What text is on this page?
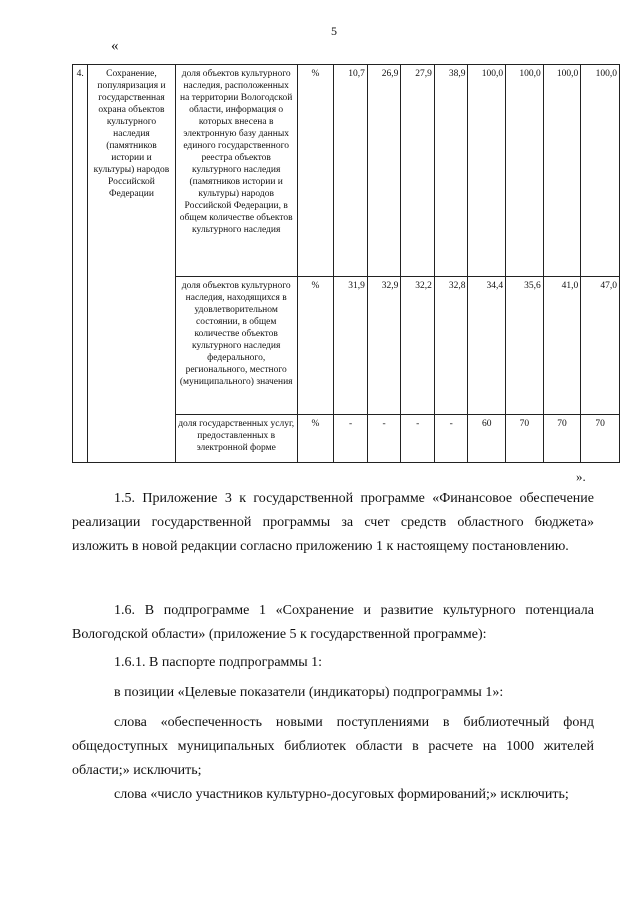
5
«
4.	Сохранение, популяризация и государственная охрана объектов культурного наследия (памятников истории и культуры) народов Российской Федерации	доля объектов культурного наследия, расположенных на территории Вологодской области, информация о которых внесена в электронную базу данных единого государственного реестра объектов культурного наследия (памятников истории и культуры) народов Российской Федерации, в общем количестве объектов культурного наследия	%	10,7	26,9	27,9	38,9	100,0	100,0	100,0	100,0
		доля объектов культурного наследия, находящихся в удовлетворительном состоянии, в общем количестве объектов культурного наследия федерального, регионального, местного (муниципального) значения	%	31,9	32,9	32,2	32,8	34,4	35,6	41,0	47,0
		доля государственных услуг, предоставленных в электронной форме	%	-	-	-	-	60	70	70	70
».

1.5. Приложение 3 к государственной программе «Финансовое обеспечение реализации государственной программы за счет средств областного бюджета» изложить в новой редакции согласно приложению 1 к настоящему постановлению.

1.6. В подпрограмме 1 «Сохранение и развитие культурного потенциала Вологодской области» (приложение 5 к государственной программе):

1.6.1. В паспорте подпрограммы 1:

в позиции «Целевые показатели (индикаторы) подпрограммы 1»:

слова «обеспеченность новыми поступлениями в библиотечный фонд общедоступных муниципальных библиотек области в расчете на 1000 жителей области;» исключить;

слова «число участников культурно-досуговых формирований;» исключить;
